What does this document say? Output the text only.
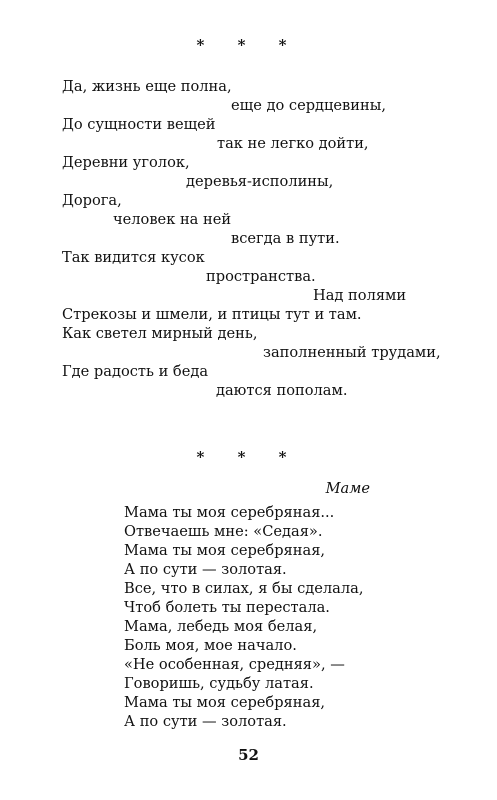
* * *
Да, жизнь еще полна,
еще до сердцевины,
До сущности вещей
так не легко дойти,
Деревни уголок,
деревья-исполины,
Дорога,
человек на ней
всегда в пути.
Так видится кусок
пространства.
Над полями
Стрекозы и шмели, и птицы тут и там.
Как светел мирный день,
заполненный трудами,
Где радость и беда
даются пополам.
* * *
Маме
Мама ты моя серебряная...
Отвечаешь мне: «Седая».
Мама ты моя серебряная,
А по сути — золотая.
Все, что в силах, я бы сделала,
Чтоб болеть ты перестала.
Мама, лебедь моя белая,
Боль моя, мое начало.
«Не особенная, средняя», —
Говоришь, судьбу латая.
Мама ты моя серебряная,
А по сути — золотая.
52
